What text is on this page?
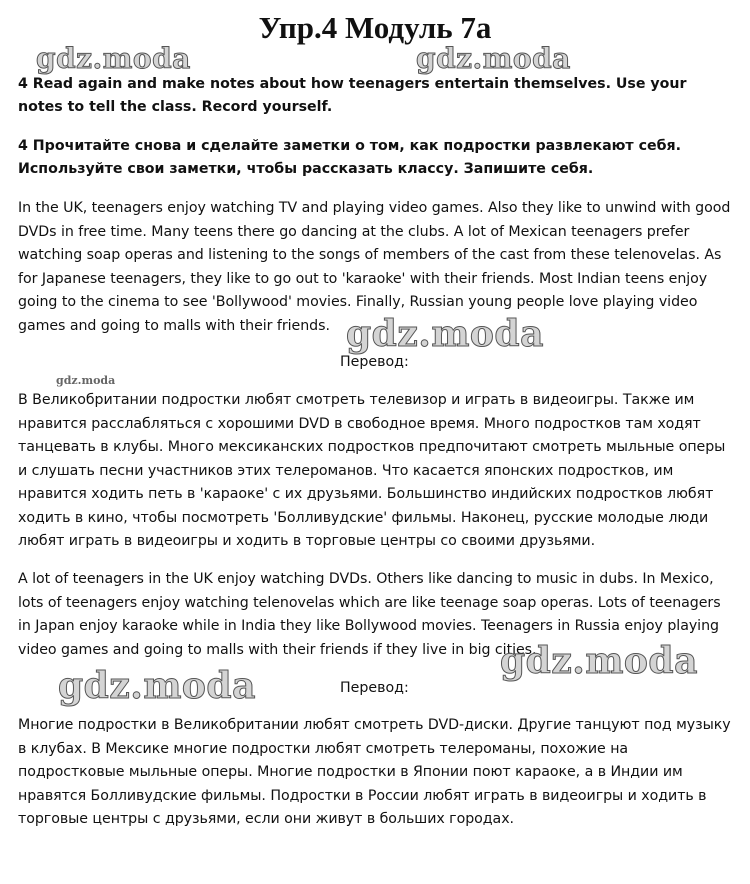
Упр.4 Модуль 7а
gdz.moda	gdz.moda

4 Read again and make notes about how teenagers entertain themselves. Use your notes to tell the class. Record yourself.

4 Прочитайте снова и сделайте заметки о том, как подростки развлекают себя. Используйте свои заметки, чтобы рассказать классу. Запишите себя.

In the UK, teenagers enjoy watching TV and playing video games. Also they like to unwind with good DVDs in free time. Many teens there go dancing at the clubs. A lot of Mexican teenagers prefer watching soap operas and listening to the songs of members of the cast from these telenovelas. As for Japanese teenagers, they like to go out to 'karaoke' with their friends. Most Indian teens enjoy going to the cinema to see 'Bollywood' movies. Finally, Russian young people love playing video games and going to malls with their friends. gdz.moda

Перевод:

gdz.moda

В Великобритании подростки любят смотреть телевизор и играть в видеоигры. Также им нравится расслабляться с хорошими DVD в свободное время. Много подростков там ходят танцевать в клубы. Много мексиканских подростков предпочитают смотреть мыльные оперы и слушать песни участников этих телероманов. Что касается японских подростков, им нравится ходить петь в 'караоке' с их друзьями. Большинство индийских подростков любят ходить в кино, чтобы посмотреть 'Болливудские' фильмы. Наконец, русские молодые люди любят играть в видеоигры и ходить в торговые центры со своими друзьями.

A lot of teenagers in the UK enjoy watching DVDs. Others like dancing to music in dubs. In Mexico, lots of teenagers enjoy watching telenovelas which are like teenage soap operas. Lots of teenagers in Japan enjoy karaoke while in India they like Bollywood movies. Teenagers in Russia enjoy playing video games and going to malls with their friends if they live in big cities.

gdz.moda
gdz.moda	Перевод:

Многие подростки в Великобритании любят смотреть DVD-диски. Другие танцуют под музыку в клубах. В Мексике многие подростки любят смотреть телероманы, похожие на подростковые мыльные оперы. Многие подростки в Японии поют караоке, а в Индии им нравятся Болливудские фильмы. Подростки в России любят играть в видеоигры и ходить в торговые центры с друзьями, если они живут в больших городах.
